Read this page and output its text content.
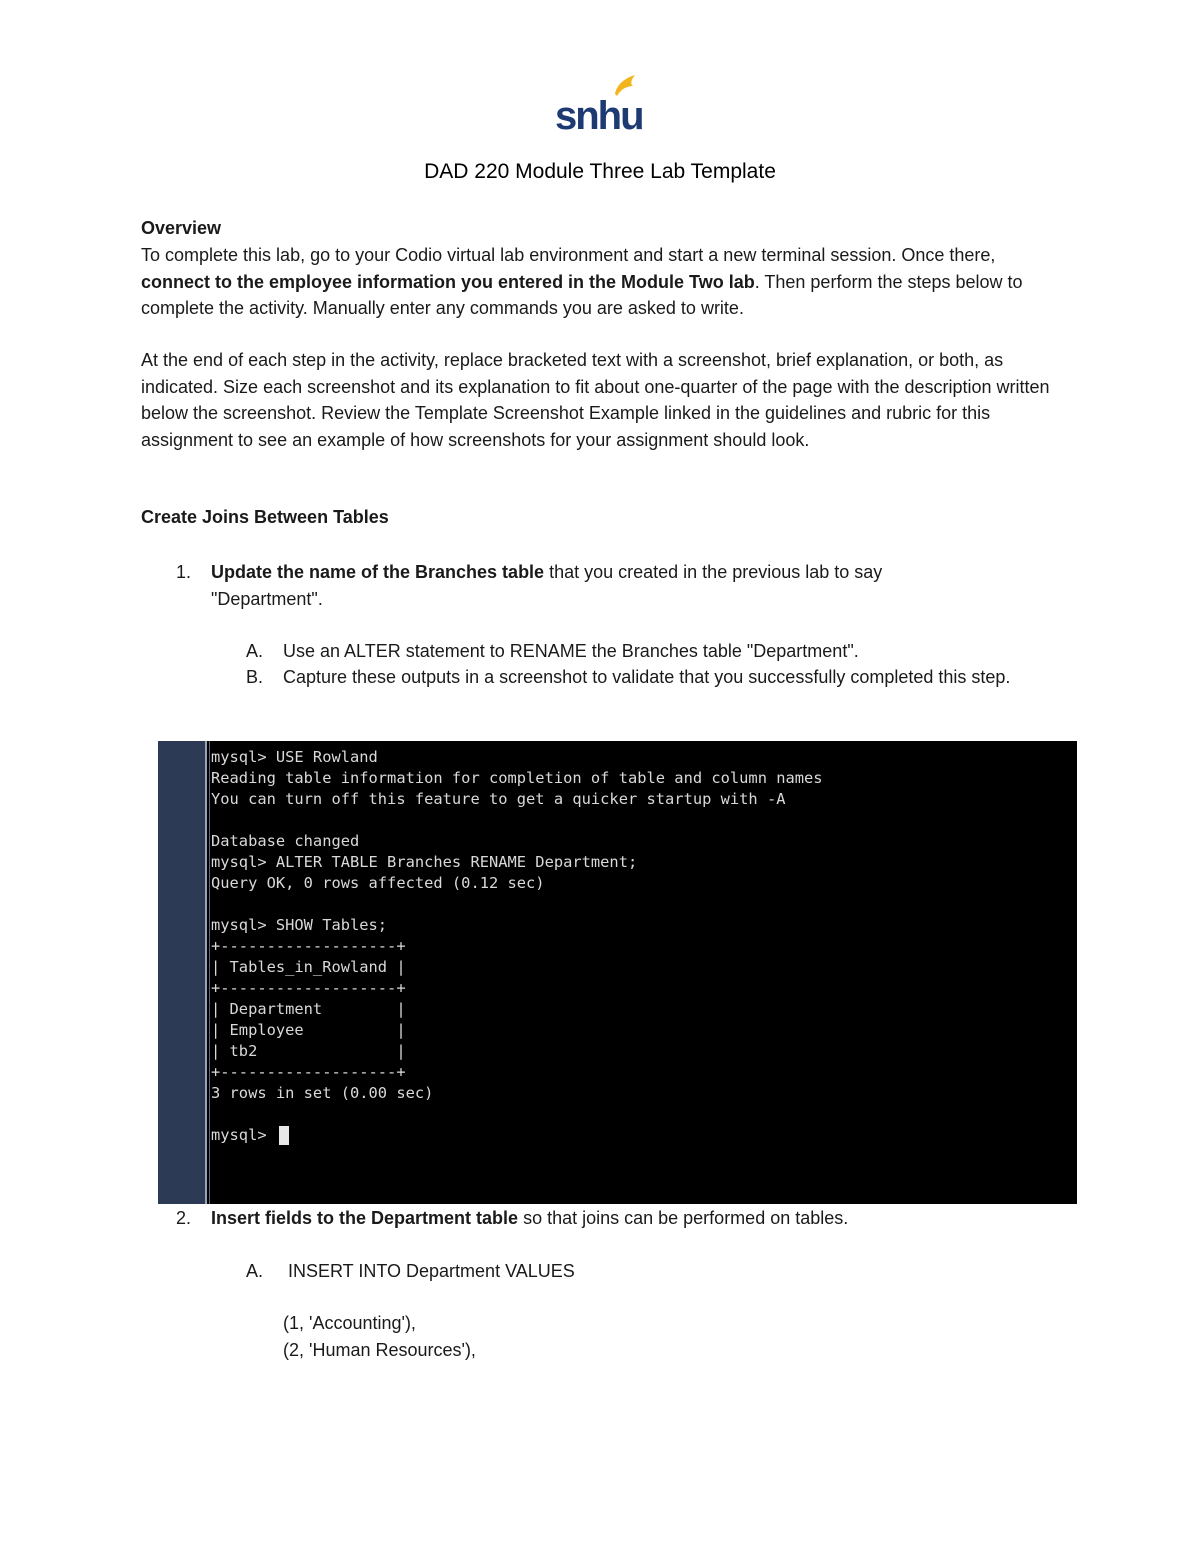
snhu
DAD 220 Module Three Lab Template
Overview
To complete this lab, go to your Codio virtual lab environment and start a new terminal session. Once there, connect to the employee information you entered in the Module Two lab. Then perform the steps below to complete the activity. Manually enter any commands you are asked to write.
At the end of each step in the activity, replace bracketed text with a screenshot, brief explanation, or both, as indicated. Size each screenshot and its explanation to fit about one-quarter of the page with the description written below the screenshot. Review the Template Screenshot Example linked in the guidelines and rubric for this assignment to see an example of how screenshots for your assignment should look.
Create Joins Between Tables
1. Update the name of the Branches table that you created in the previous lab to say "Department".
A. Use an ALTER statement to RENAME the Branches table "Department".
B. Capture these outputs in a screenshot to validate that you successfully completed this step.
mysql> USE Rowland
Reading table information for completion of table and column names
You can turn off this feature to get a quicker startup with -A

Database changed
mysql> ALTER TABLE Branches RENAME Department;
Query OK, 0 rows affected (0.12 sec)

mysql> SHOW Tables;
+-------------------+
| Tables_in_Rowland |
+-------------------+
| Department        |
| Employee          |
| tb2               |
+-------------------+
3 rows in set (0.00 sec)

mysql>
2. Insert fields to the Department table so that joins can be performed on tables.
A. INSERT INTO Department VALUES
(1, 'Accounting'),
(2, 'Human Resources'),
